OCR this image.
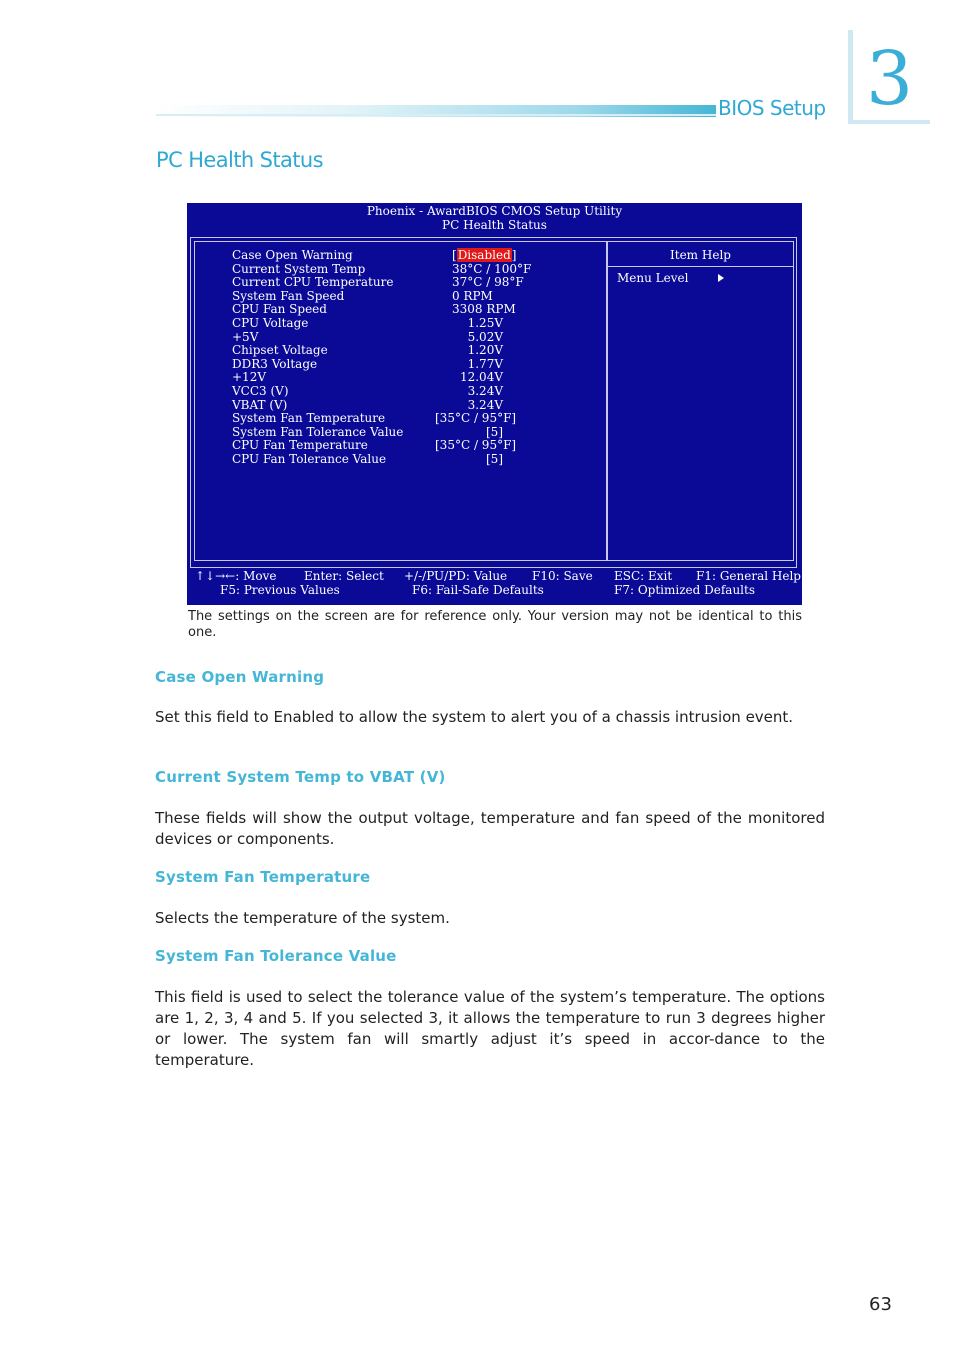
BIOS Setup 3
PC Health Status
Phoenix - AwardBIOS CMOS Setup Utility
PC Health Status
Case Open Warning	[Disabled]
Current System Temp	38°C / 100°F
Current CPU Temperature	37°C / 98°F
System Fan Speed	0 RPM
CPU Fan Speed	3308 RPM
CPU Voltage	1.25V
+5V	5.02V
Chipset Voltage	1.20V
DDR3 Voltage	1.77V
+12V	12.04V
VCC3 (V)	3.24V
VBAT (V)	3.24V
System Fan Temperature	[35°C / 95°F]
System Fan Tolerance Value	[5]
CPU Fan Temperature	[35°C / 95°F]
CPU Fan Tolerance Value	[5]
Item Help
Menu Level
↑↓→←: Move Enter: Select +/-/PU/PD: Value F10: Save ESC: Exit F1: General Help
F5: Previous Values	F6: Fail-Safe Defaults	F7: Optimized Defaults
The settings on the screen are for reference only. Your version may not be identical to this one.
Case Open Warning
Set this field to Enabled to allow the system to alert you of a chassis intrusion event.
Current System Temp to VBAT (V)
These fields will show the output voltage, temperature and fan speed of the monitored devices or components.
System Fan Temperature
Selects the temperature of the system.
System Fan Tolerance Value
This field is used to select the tolerance value of the system’s temperature. The options are 1, 2, 3, 4 and 5. If you selected 3, it allows the temperature to run 3 degrees higher or lower. The system fan will smartly adjust it’s speed in accor-dance to the temperature.
63
